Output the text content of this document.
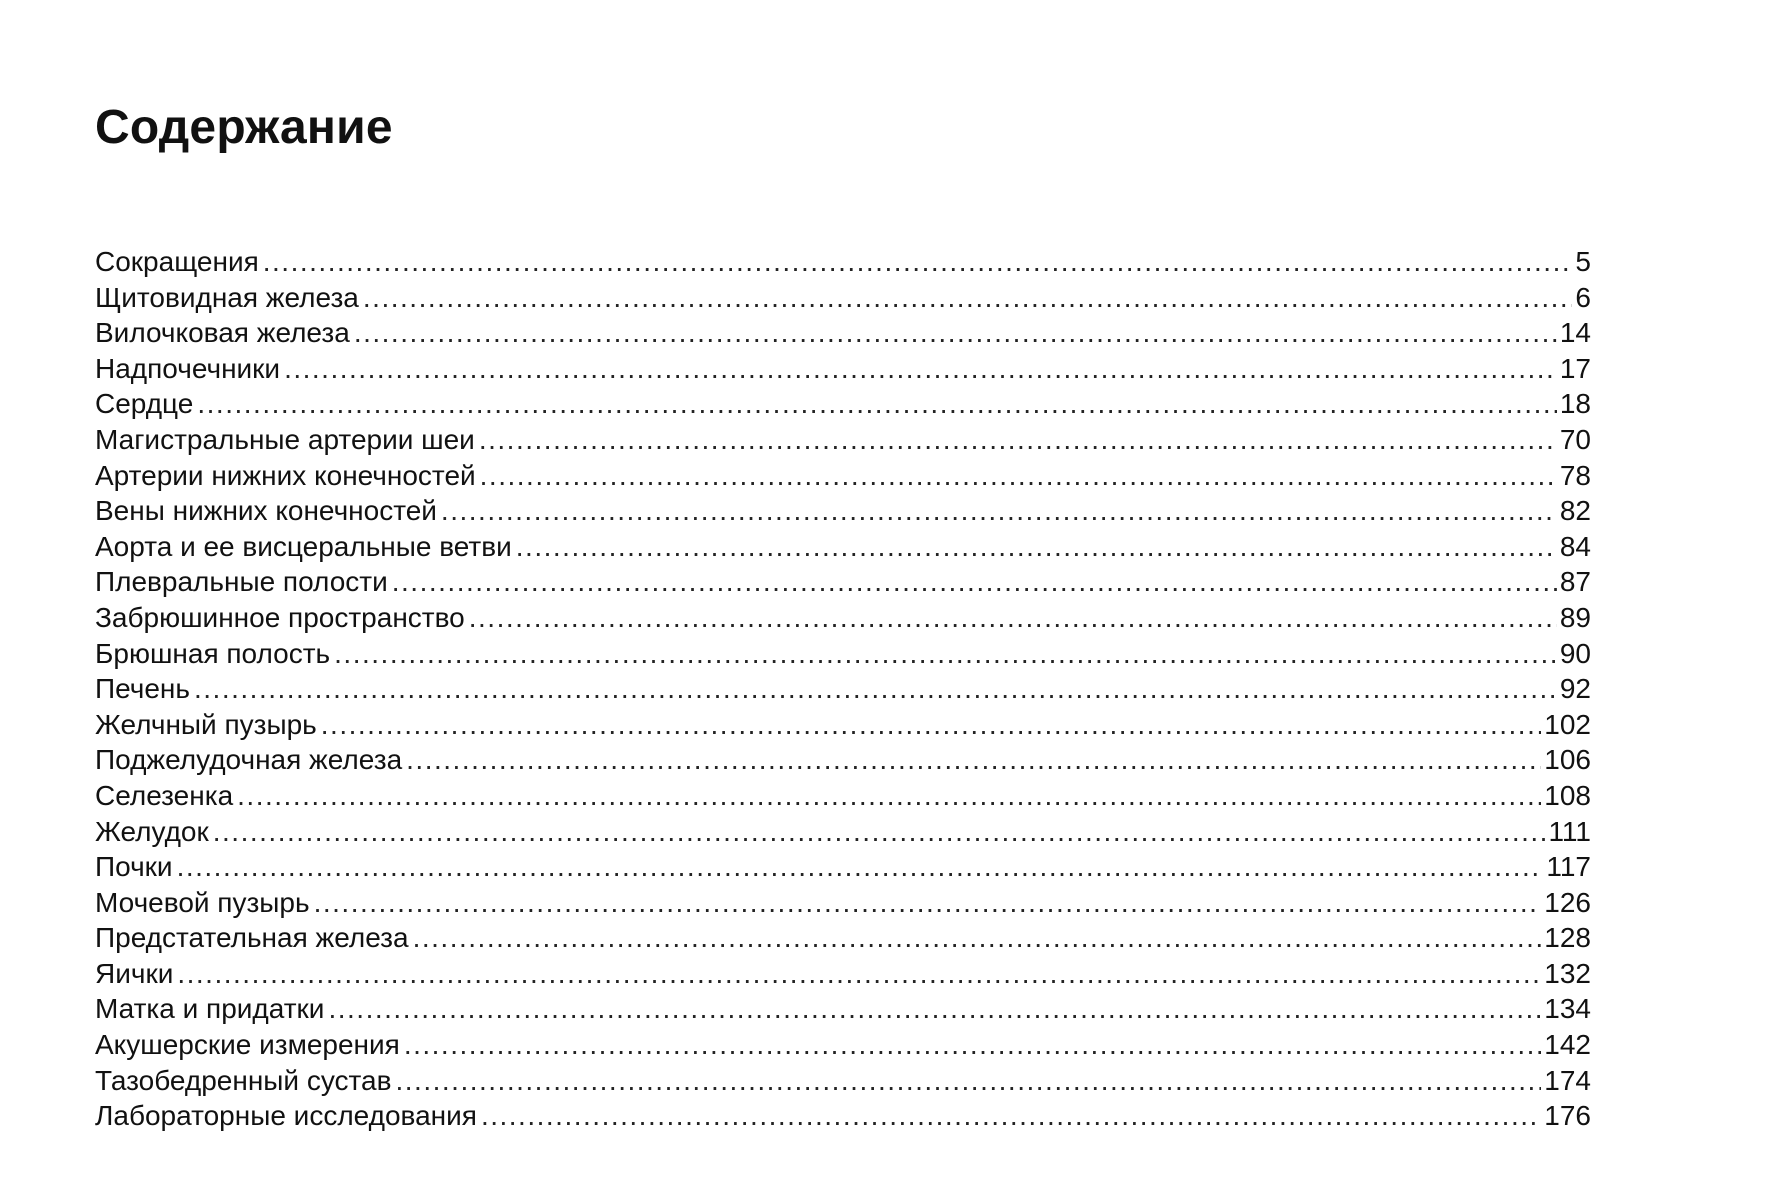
Содержание
Сокращения .....	5
Щитовидная железа .....	6
Вилочковая железа .....	14
Надпочечники .....	17
Сердце .....	18
Магистральные артерии шеи .....	70
Артерии нижних конечностей .....	78
Вены нижних конечностей .....	82
Аорта и ее висцеральные ветви .....	84
Плевральные полости .....	87
Забрюшинное пространство .....	89
Брюшная полость .....	90
Печень .....	92
Желчный пузырь .....	102
Поджелудочная железа .....	106
Селезенка .....	108
Желудок .....	111
Почки .....	117
Мочевой пузырь .....	126
Предстательная железа .....	128
Яички .....	132
Матка и придатки .....	134
Акушерские измерения .....	142
Тазобедренный сустав .....	174
Лабораторные исследования .....	176
